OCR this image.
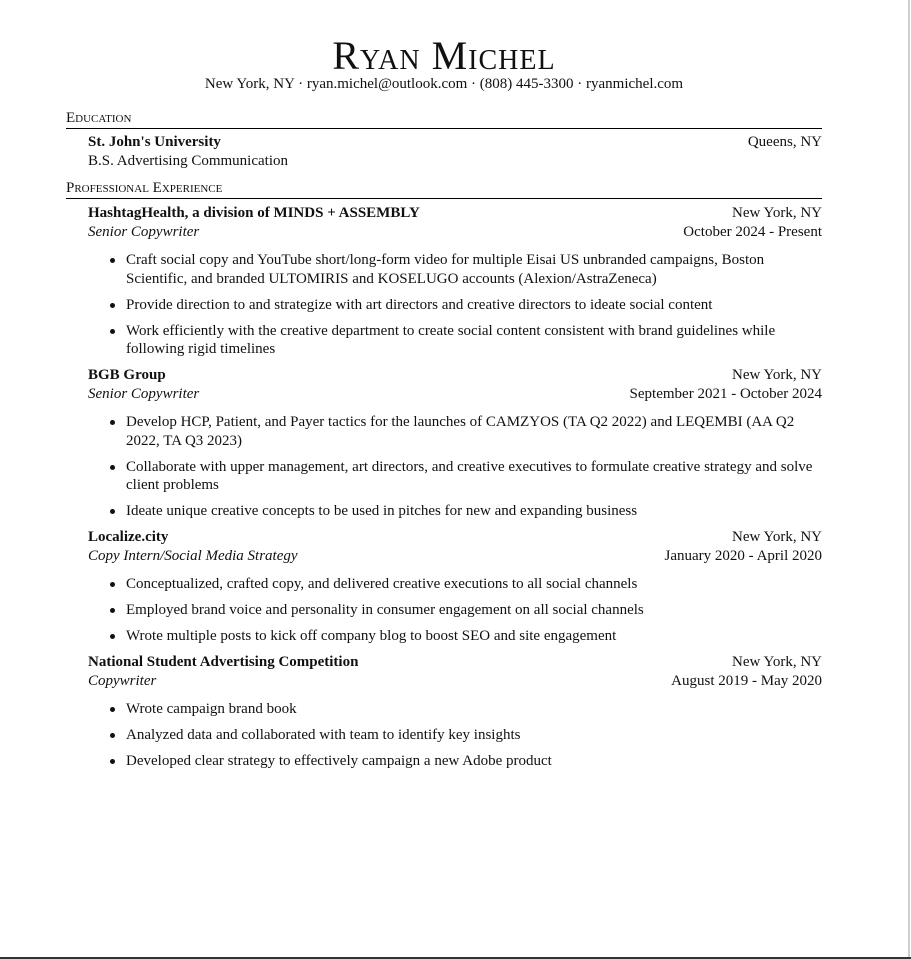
Ryan Michel
New York, NY · ryan.michel@outlook.com · (808) 445-3300 · ryanmichel.com
Education
St. John's University	Queens, NY
B.S. Advertising Communication
Professional Experience
HashtagHealth, a division of MINDS + ASSEMBLY	New York, NY
Senior Copywriter	October 2024 - Present
Craft social copy and YouTube short/long-form video for multiple Eisai US unbranded campaigns, Boston Scientific, and branded ULTOMIRIS and KOSELUGO accounts (Alexion/AstraZeneca)
Provide direction to and strategize with art directors and creative directors to ideate social content
Work efficiently with the creative department to create social content consistent with brand guidelines while following rigid timelines
BGB Group	New York, NY
Senior Copywriter	September 2021 - October 2024
Develop HCP, Patient, and Payer tactics for the launches of CAMZYOS (TA Q2 2022) and LEQEMBI (AA Q2 2022, TA Q3 2023)
Collaborate with upper management, art directors, and creative executives to formulate creative strategy and solve client problems
Ideate unique creative concepts to be used in pitches for new and expanding business
Localize.city	New York, NY
Copy Intern/Social Media Strategy	January 2020 - April 2020
Conceptualized, crafted copy, and delivered creative executions to all social channels
Employed brand voice and personality in consumer engagement on all social channels
Wrote multiple posts to kick off company blog to boost SEO and site engagement
National Student Advertising Competition	New York, NY
Copywriter	August 2019 - May 2020
Wrote campaign brand book
Analyzed data and collaborated with team to identify key insights
Developed clear strategy to effectively campaign a new Adobe product
